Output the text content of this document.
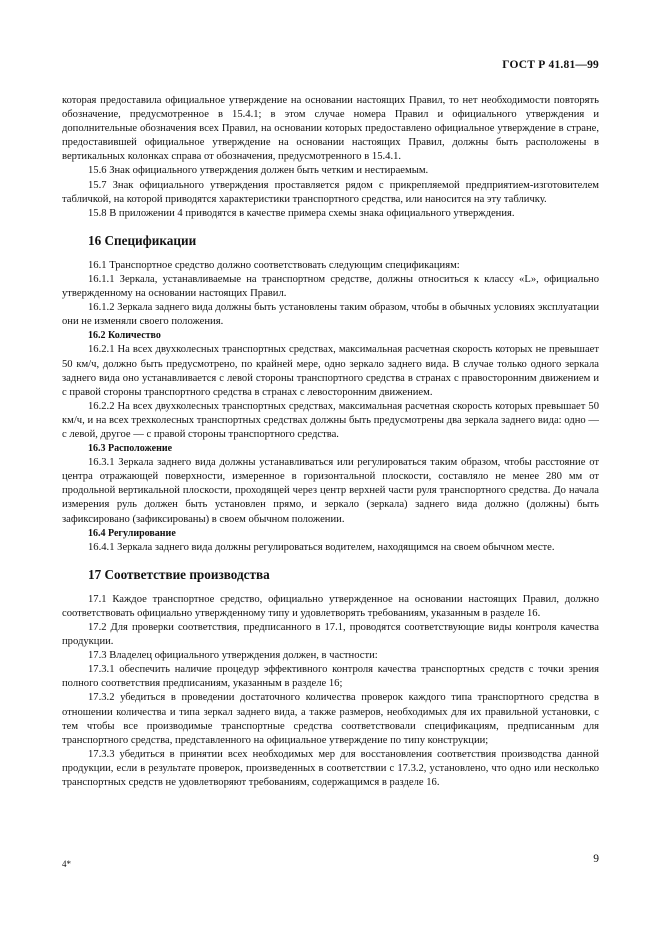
ГОСТ Р 41.81—99

которая предоставила официальное утверждение на основании настоящих Правил, то нет необходимости повторять обозначение, предусмотренное в 15.4.1; в этом случае номера Правил и официального утверждения и дополнительные обозначения всех Правил, на основании которых предоставлено официальное утверждение в стране, предоставившей официальное утверждение на основании настоящих Правил, должны быть расположены в вертикальных колонках справа от обозначения, предусмотренного в 15.4.1.

15.6 Знак официального утверждения должен быть четким и нестираемым.

15.7 Знак официального утверждения проставляется рядом с прикрепляемой предприятием-изготовителем табличкой, на которой приводятся характеристики транспортного средства, или наносится на эту табличку.

15.8 В приложении 4 приводятся в качестве примера схемы знака официального утверждения.

16 Спецификации

16.1 Транспортное средство должно соответствовать следующим спецификациям:

16.1.1 Зеркала, устанавливаемые на транспортном средстве, должны относиться к классу «L», официально утвержденному на основании настоящих Правил.

16.1.2 Зеркала заднего вида должны быть установлены таким образом, чтобы в обычных условиях эксплуатации они не изменяли своего положения.

16.2 Количество

16.2.1 На всех двухколесных транспортных средствах, максимальная расчетная скорость которых не превышает 50 км/ч, должно быть предусмотрено, по крайней мере, одно зеркало заднего вида. В случае только одного зеркала заднего вида оно устанавливается с левой стороны транспортного средства в странах с правосторонним движением и с правой стороны транспортного средства в странах с левосторонним движением.

16.2.2 На всех двухколесных транспортных средствах, максимальная расчетная скорость которых превышает 50 км/ч, и на всех трехколесных транспортных средствах должны быть предусмотрены два зеркала заднего вида: одно — с левой, другое — с правой стороны транспортного средства.

16.3 Расположение

16.3.1 Зеркала заднего вида должны устанавливаться или регулироваться таким образом, чтобы расстояние от центра отражающей поверхности, измеренное в горизонтальной плоскости, составляло не менее 280 мм от продольной вертикальной плоскости, проходящей через центр верхней части руля транспортного средства. До начала измерения руль должен быть установлен прямо, и зеркало (зеркала) заднего вида должно (должны) быть зафиксировано (зафиксированы) в своем обычном положении.

16.4 Регулирование

16.4.1 Зеркала заднего вида должны регулироваться водителем, находящимся на своем обычном месте.

17 Соответствие производства

17.1 Каждое транспортное средство, официально утвержденное на основании настоящих Правил, должно соответствовать официально утвержденному типу и удовлетворять требованиям, указанным в разделе 16.

17.2 Для проверки соответствия, предписанного в 17.1, проводятся соответствующие виды контроля качества продукции.

17.3 Владелец официального утверждения должен, в частности:

17.3.1 обеспечить наличие процедур эффективного контроля качества транспортных средств с точки зрения полного соответствия предписаниям, указанным в разделе 16;

17.3.2 убедиться в проведении достаточного количества проверок каждого типа транспортного средства в отношении количества и типа зеркал заднего вида, а также размеров, необходимых для их правильной установки, с тем чтобы все производимые транспортные средства соответствовали спецификациям, предписанным для транспортного средства, представленного на официальное утверждение по типу конструкции;

17.3.3 убедиться в принятии всех необходимых мер для восстановления соответствия производства данной продукции, если в результате проверок, произведенных в соответствии с 17.3.2, установлено, что одно или несколько транспортных средств не удовлетворяют требованиям, содержащимся в разделе 16.

4*	9
